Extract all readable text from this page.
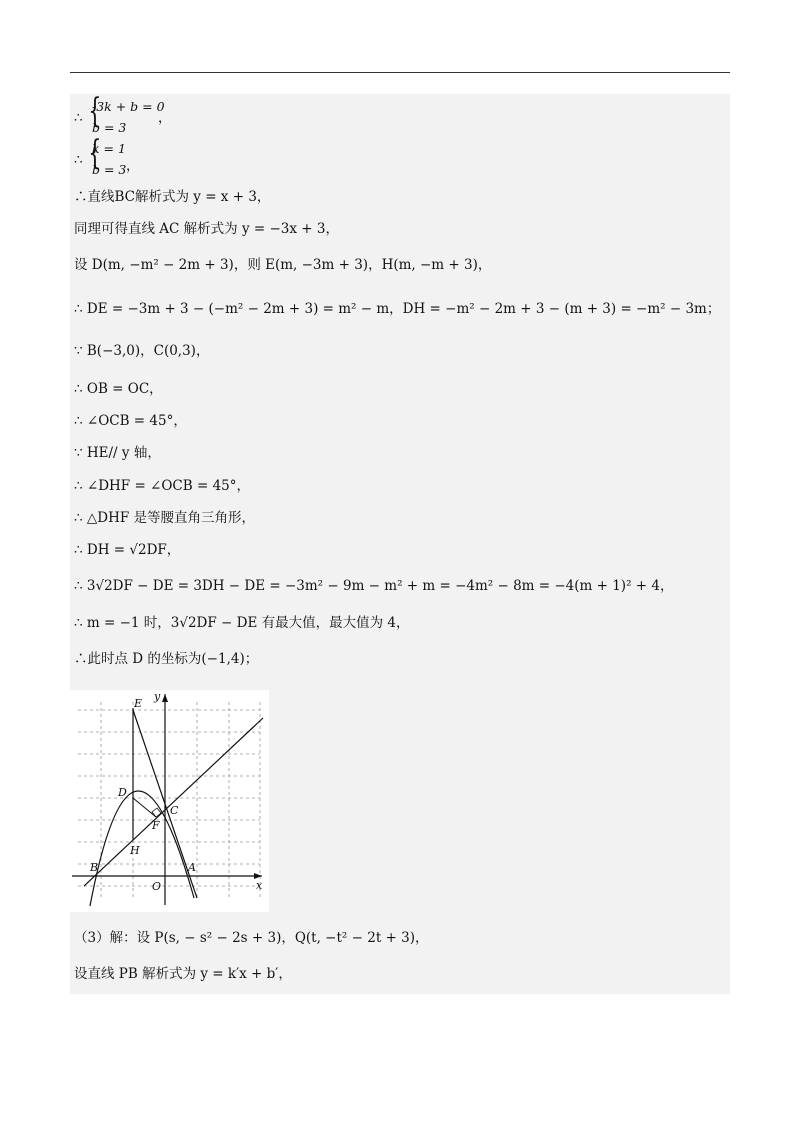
∴ {
-3k + b = 0
b = 3
，
∴ {
k = 1
b = 3 ，
∴直线BC解析式为 y = x + 3，
同理可得直线 AC 解析式为 y = −3x + 3，
设 D(m, −m² − 2m + 3)，则 E(m, −3m + 3)，H(m, −m + 3)，
∴ DE = −3m + 3 − (−m² − 2m + 3) = m² − m，DH = −m² − 2m + 3 − (m + 3) = −m² − 3m；
∵ B(−3,0)，C(0,3)，
∴ OB = OC，
∴ ∠OCB = 45°，
∵ HE// y 轴，
∴ ∠DHF = ∠OCB = 45°，
∴ △DHF 是等腰直角三角形，
∴ DH = √2DF，
∴ 3√2DF − DE = 3DH − DE = −3m² − 9m − m² + m = −4m² − 8m = −4(m + 1)² + 4，
∴ m = −1 时，3√2DF − DE 有最大值，最大值为 4，
∴此时点 D 的坐标为(−1,4)；
y
x
E
D
C
F
H
B
O
A
（3）解：设 P(s, − s² − 2s + 3)，Q(t, −t² − 2t + 3)，
设直线 PB 解析式为 y = k′x + b′，
